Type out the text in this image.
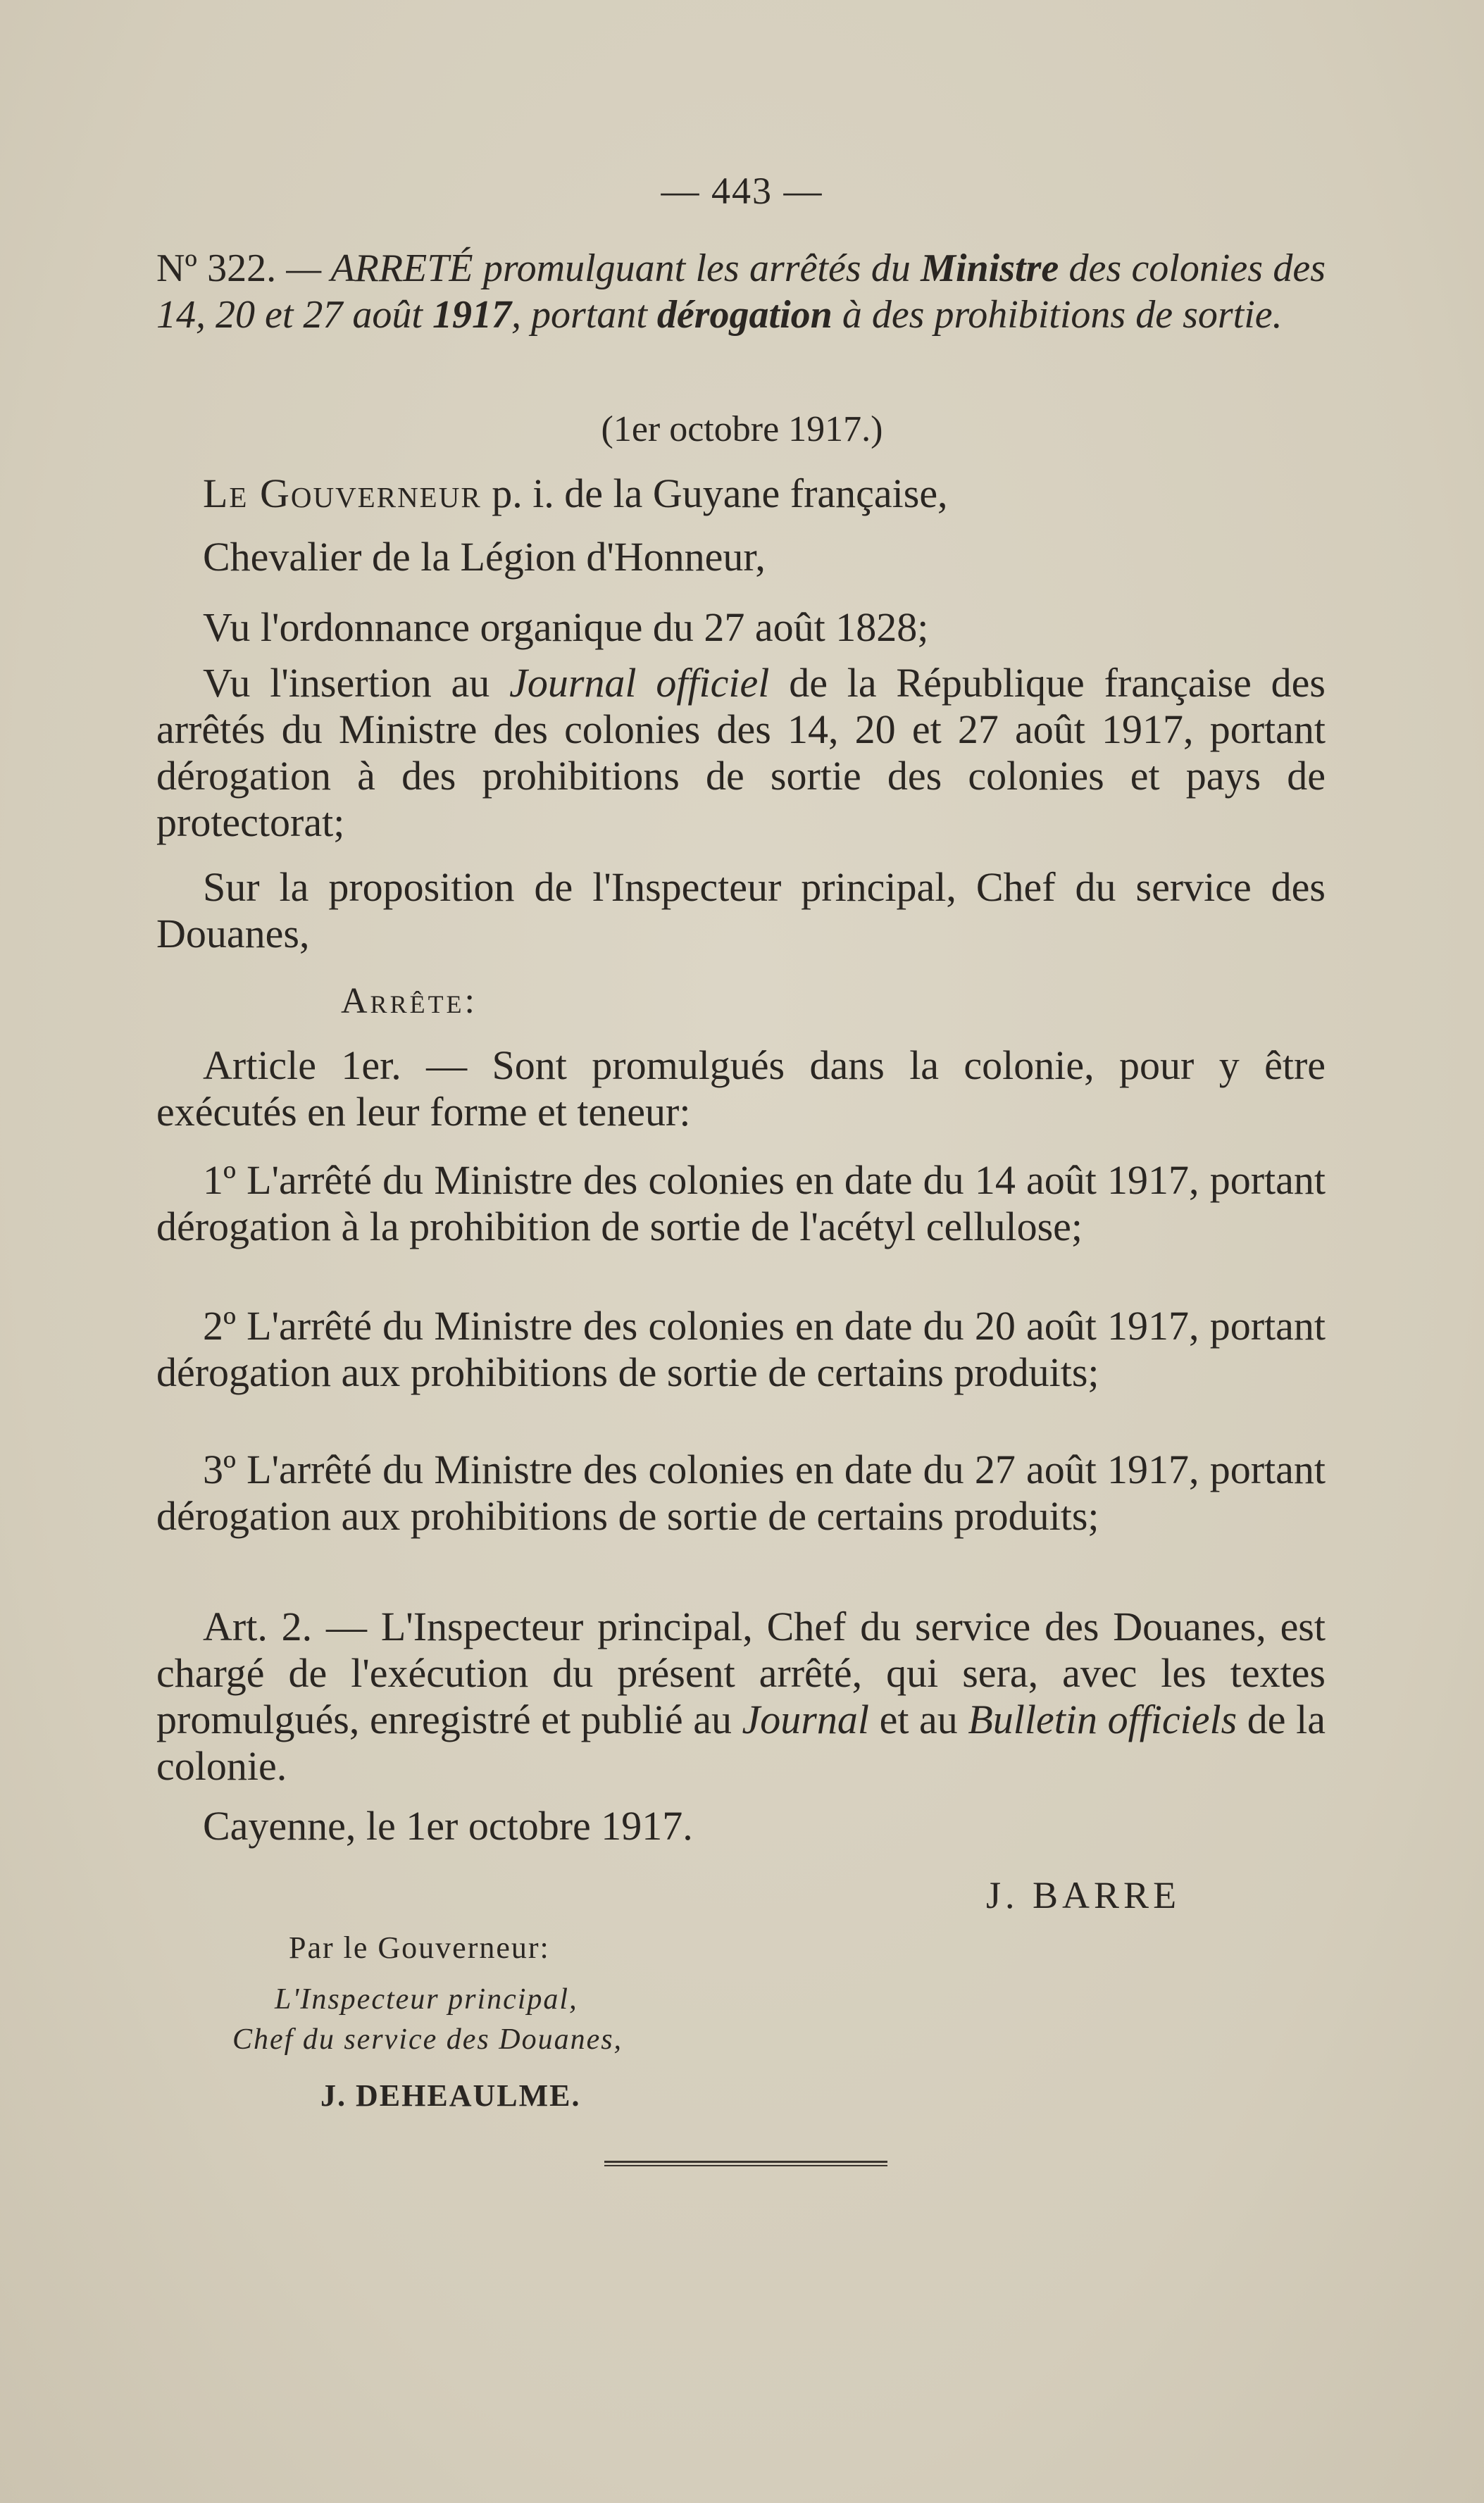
— 443 —
Nº 322. — ARRETÉ promulguant les arrêtés du Ministre des colonies des 14, 20 et 27 août 1917, portant dérogation à des prohibitions de sortie.
(1er octobre 1917.)
Le Gouverneur p. i. de la Guyane française,
Chevalier de la Légion d'Honneur,
Vu l'ordonnance organique du 27 août 1828;
Vu l'insertion au Journal officiel de la République française des arrêtés du Ministre des colonies des 14, 20 et 27 août 1917, portant dérogation à des prohibitions de sortie des colonies et pays de protectorat;
Sur la proposition de l'Inspecteur principal, Chef du service des Douanes,
Arrête:
Article 1er. — Sont promulgués dans la colonie, pour y être exécutés en leur forme et teneur:
1º L'arrêté du Ministre des colonies en date du 14 août 1917, portant dérogation à la prohibition de sortie de l'acétyl cellulose;
2º L'arrêté du Ministre des colonies en date du 20 août 1917, portant dérogation aux prohibitions de sortie de certains produits;
3º L'arrêté du Ministre des colonies en date du 27 août 1917, portant dérogation aux prohibitions de sortie de certains produits;
Art. 2. — L'Inspecteur principal, Chef du service des Douanes, est chargé de l'exécution du présent arrêté, qui sera, avec les textes promulgués, enregistré et publié au Journal et au Bulletin officiels de la colonie.
Cayenne, le 1er octobre 1917.
J. BARRE
Par le Gouverneur:
L'Inspecteur principal,
Chef du service des Douanes,
J. DEHEAULME.
